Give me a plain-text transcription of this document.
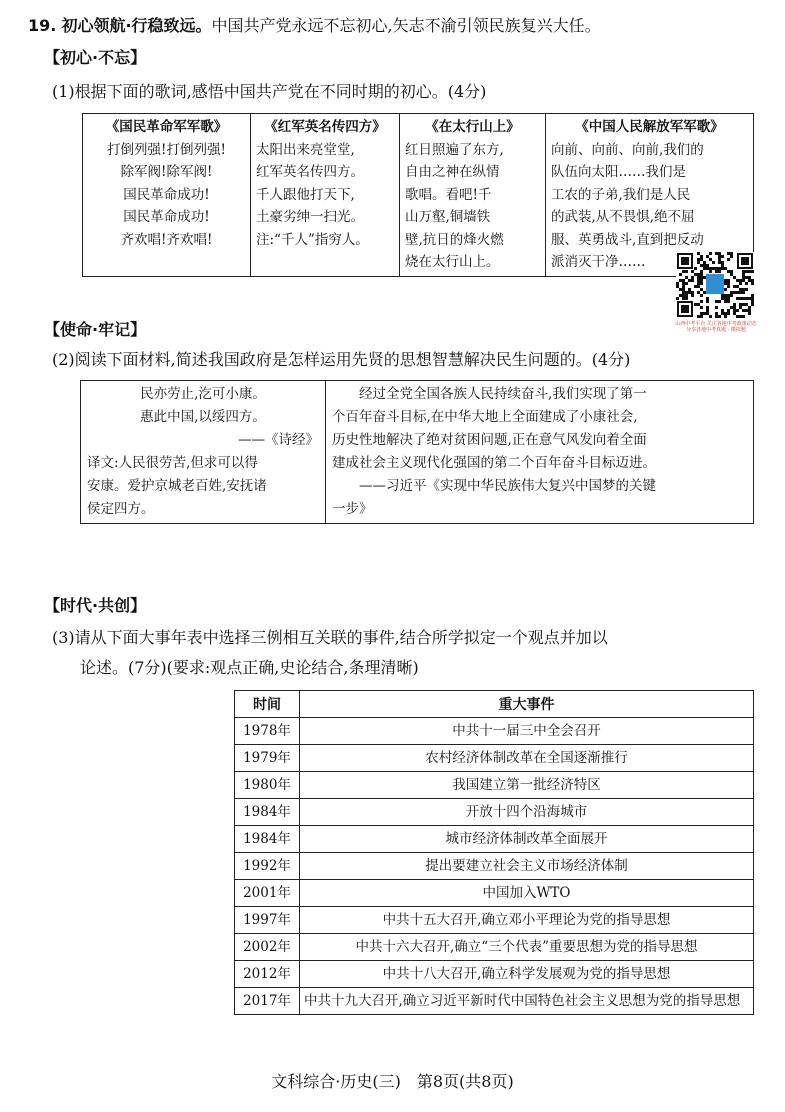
19. 初心领航·行稳致远。中国共产党永远不忘初心,矢志不渝引领民族复兴大任。
【初心·不忘】
(1)根据下面的歌词,感悟中国共产党在不同时期的初心。(4分)
《国民革命军军歌》
打倒列强!打倒列强!
除军阀!除军阀!
国民革命成功!
国民革命成功!
齐欢唱!齐欢唱!

《红军英名传四方》
太阳出来亮堂堂,
红军英名传四方。
千人跟他打天下,
土豪劣绅一扫光。
注:“千人”指穷人。

《在太行山上》
红日照遍了东方,
自由之神在纵情
歌唱。看吧!千
山万壑,铜墙铁
壁,抗日的烽火燃
烧在太行山上。

《中国人民解放军军歌》
向前、向前、向前,我们的
队伍向太阳……我们是
工农的子弟,我们是人民
的武装,从不畏惧,绝不屈
服、英勇战斗,直到把反动
派消灭干净……
山西中考平台 关注各地中考政策动态 分享各地中考真题 · 模拟题
【使命·牢记】
(2)阅读下面材料,简述我国政府是怎样运用先贤的思想智慧解决民生问题的。(4分)
民亦劳止,汔可小康。
惠此中国,以绥四方。
——《诗经》
译文:人民很劳苦,但求可以得
安康。爱护京城老百姓,安抚诸
侯定四方。

经过全党全国各族人民持续奋斗,我们实现了第一
个百年奋斗目标,在中华大地上全面建成了小康社会,
历史性地解决了绝对贫困问题,正在意气风发向着全面
建成社会主义现代化强国的第二个百年奋斗目标迈进。
——习近平《实现中华民族伟大复兴中国梦的关键
一步》
【时代·共创】
(3)请从下面大事年表中选择三例相互关联的事件,结合所学拟定一个观点并加以
论述。(7分)(要求:观点正确,史论结合,条理清晰)
时间	重大事件
1978年	中共十一届三中全会召开
1979年	农村经济体制改革在全国逐渐推行
1980年	我国建立第一批经济特区
1984年	开放十四个沿海城市
1984年	城市经济体制改革全面展开
1992年	提出要建立社会主义市场经济体制
2001年	中国加入WTO
1997年	中共十五大召开,确立邓小平理论为党的指导思想
2002年	中共十六大召开,确立“三个代表”重要思想为党的指导思想
2012年	中共十八大召开,确立科学发展观为党的指导思想
2017年	中共十九大召开,确立习近平新时代中国特色社会主义思想为党的指导思想
文科综合·历史(三)　第8页(共8页)
